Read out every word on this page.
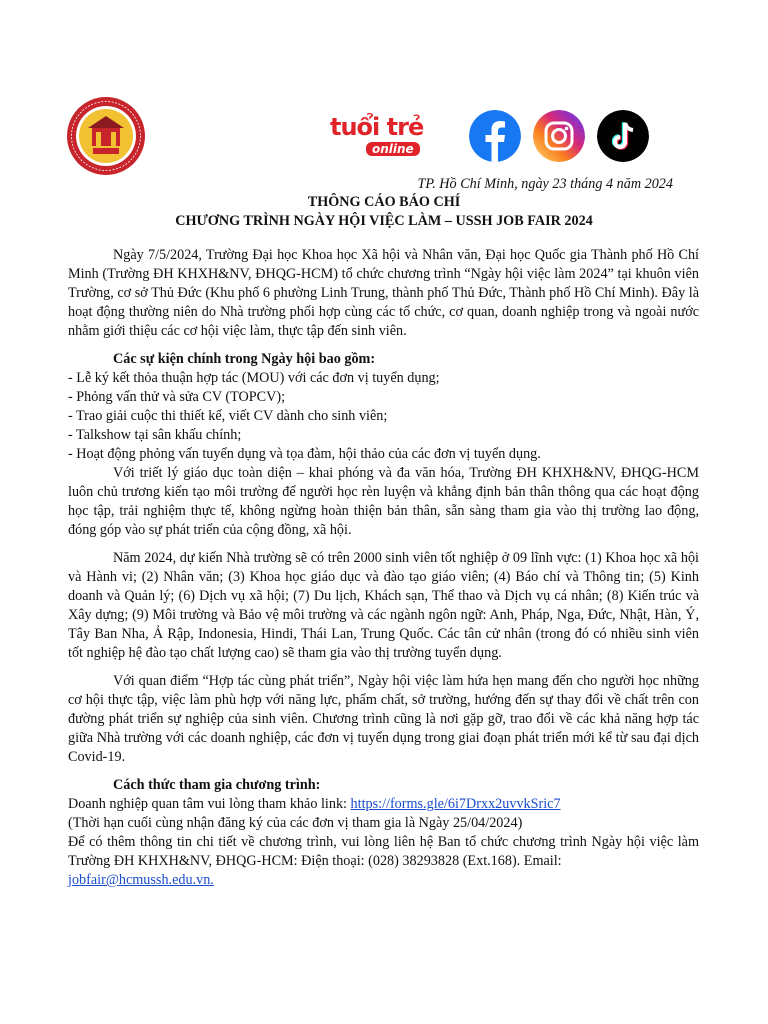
tuổi trẻ
online
TP. Hồ Chí Minh, ngày 23 tháng 4 năm 2024
THÔNG CÁO BÁO CHÍ
CHƯƠNG TRÌNH NGÀY HỘI VIỆC LÀM – USSH JOB FAIR 2024

Ngày 7/5/2024, Trường Đại học Khoa học Xã hội và Nhân văn, Đại học Quốc gia Thành phố Hồ Chí Minh (Trường ĐH KHXH&NV, ĐHQG-HCM) tổ chức chương trình “Ngày hội việc làm 2024” tại khuôn viên Trường, cơ sở Thủ Đức (Khu phố 6 phường Linh Trung, thành phố Thủ Đức, Thành phố Hồ Chí Minh). Đây là hoạt động thường niên do Nhà trường phối hợp cùng các tổ chức, cơ quan, doanh nghiệp trong và ngoài nước nhằm giới thiệu các cơ hội việc làm, thực tập đến sinh viên.

Các sự kiện chính trong Ngày hội bao gồm:

- Lễ ký kết thỏa thuận hợp tác (MOU) với các đơn vị tuyển dụng;

- Phỏng vấn thử và sửa CV (TOPCV);

- Trao giải cuộc thi thiết kế, viết CV dành cho sinh viên;

- Talkshow tại sân khấu chính;

- Hoạt động phỏng vấn tuyển dụng và tọa đàm, hội thảo của các đơn vị tuyển dụng.

Với triết lý giáo dục toàn diện – khai phóng và đa văn hóa, Trường ĐH KHXH&NV, ĐHQG-HCM luôn chủ trương kiến tạo môi trường để người học rèn luyện và khẳng định bản thân thông qua các hoạt động học tập, trải nghiệm thực tế, không ngừng hoàn thiện bản thân, sẵn sàng tham gia vào thị trường lao động, đóng góp vào sự phát triển của cộng đồng, xã hội.

Năm 2024, dự kiến Nhà trường sẽ có trên 2000 sinh viên tốt nghiệp ở 09 lĩnh vực: (1) Khoa học xã hội và Hành vi; (2) Nhân văn; (3) Khoa học giáo dục và đào tạo giáo viên; (4) Báo chí và Thông tin; (5) Kinh doanh và Quản lý; (6) Dịch vụ xã hội; (7) Du lịch, Khách sạn, Thể thao và Dịch vụ cá nhân; (8) Kiến trúc và Xây dựng; (9) Môi trường và Bảo vệ môi trường và các ngành ngôn ngữ: Anh, Pháp, Nga, Đức, Nhật, Hàn, Ý, Tây Ban Nha, Ả Rập, Indonesia, Hindi, Thái Lan, Trung Quốc. Các tân cử nhân (trong đó có nhiều sinh viên tốt nghiệp hệ đào tạo chất lượng cao) sẽ tham gia vào thị trường tuyển dụng.

Với quan điểm “Hợp tác cùng phát triển”, Ngày hội việc làm hứa hẹn mang đến cho người học những cơ hội thực tập, việc làm phù hợp với năng lực, phẩm chất, sở trường, hướng đến sự thay đổi về chất trên con đường phát triển sự nghiệp của sinh viên. Chương trình cũng là nơi gặp gỡ, trao đổi về các khả năng hợp tác giữa Nhà trường với các doanh nghiệp, các đơn vị tuyển dụng trong giai đoạn phát triển mới kể từ sau đại dịch Covid-19.

Cách thức tham gia chương trình:

Doanh nghiệp quan tâm vui lòng tham khảo link: https://forms.gle/6i7Drxx2uvvkSric7

(Thời hạn cuối cùng nhận đăng ký của các đơn vị tham gia là Ngày 25/04/2024)

Để có thêm thông tin chi tiết về chương trình, vui lòng liên hệ Ban tổ chức chương trình Ngày hội việc làm Trường ĐH KHXH&NV, ĐHQG-HCM: Điện thoại: (028) 38293828 (Ext.168). Email:

jobfair@hcmussh.edu.vn.
